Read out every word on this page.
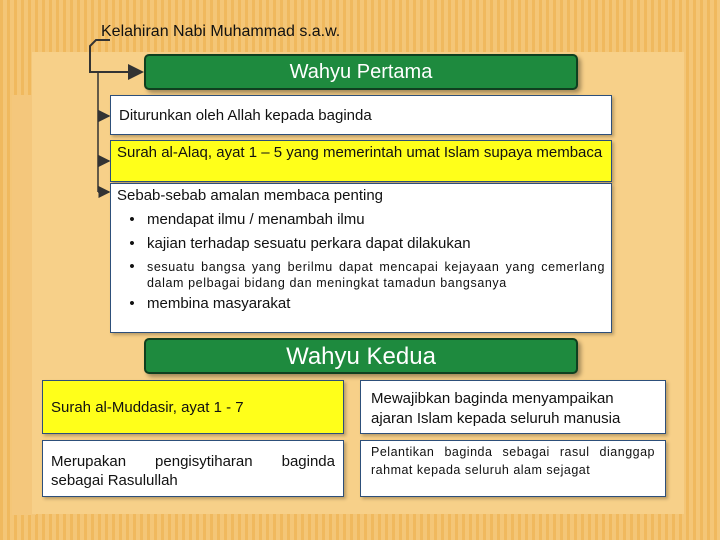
Kelahiran Nabi Muhammad s.a.w.
Wahyu Pertama
Diturunkan oleh Allah kepada baginda
Surah al-Alaq, ayat 1 – 5 yang memerintah umat Islam supaya membaca
Sebab-sebab amalan membaca penting
• mendapat ilmu / menambah ilmu
• kajian terhadap sesuatu perkara dapat dilakukan
• sesuatu bangsa yang berilmu dapat mencapai kejayaan yang cemerlang dalam pelbagai bidang dan meningkat tamadun bangsanya
• membina masyarakat
Wahyu Kedua
Surah al-Muddasir, ayat 1 - 7
Mewajibkan baginda menyampaikan ajaran Islam kepada seluruh manusia
Merupakan pengisytiharan baginda sebagai Rasulullah
Pelantikan baginda sebagai rasul dianggap rahmat kepada seluruh alam sejagat
